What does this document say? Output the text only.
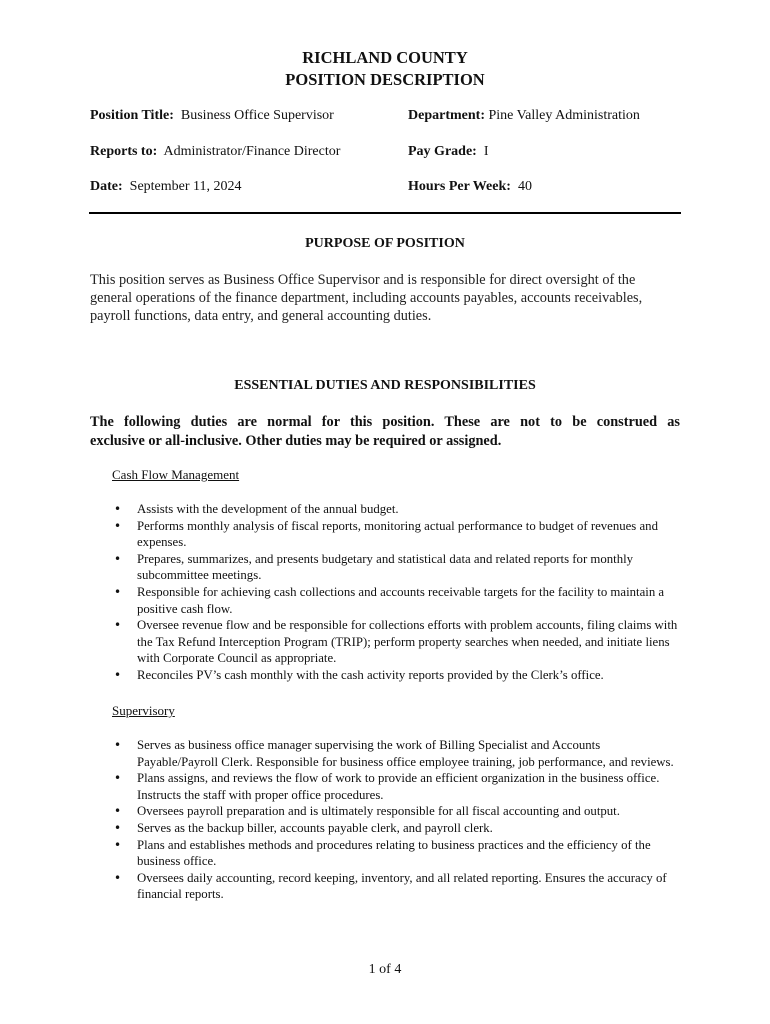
RICHLAND COUNTY
POSITION DESCRIPTION
Position Title: Business Office Supervisor	Department: Pine Valley Administration
Reports to: Administrator/Finance Director	Pay Grade: I
Date: September 11, 2024	Hours Per Week: 40
PURPOSE OF POSITION
This position serves as Business Office Supervisor and is responsible for direct oversight of the general operations of the finance department, including accounts payables, accounts receivables, payroll functions, data entry, and general accounting duties.
ESSENTIAL DUTIES AND RESPONSIBILITIES
The following duties are normal for this position. These are not to be construed as
exclusive or all-inclusive. Other duties may be required or assigned.
Cash Flow Management
• Assists with the development of the annual budget.
• Performs monthly analysis of fiscal reports, monitoring actual performance to budget of revenues and expenses.
• Prepares, summarizes, and presents budgetary and statistical data and related reports for monthly subcommittee meetings.
• Responsible for achieving cash collections and accounts receivable targets for the facility to maintain a positive cash flow.
• Oversee revenue flow and be responsible for collections efforts with problem accounts, filing claims with the Tax Refund Interception Program (TRIP); perform property searches when needed, and initiate liens with Corporate Council as appropriate.
• Reconciles PV’s cash monthly with the cash activity reports provided by the Clerk’s office.
Supervisory
• Serves as business office manager supervising the work of Billing Specialist and Accounts Payable/Payroll Clerk. Responsible for business office employee training, job performance, and reviews.
• Plans assigns, and reviews the flow of work to provide an efficient organization in the business office. Instructs the staff with proper office procedures.
• Oversees payroll preparation and is ultimately responsible for all fiscal accounting and output.
• Serves as the backup biller, accounts payable clerk, and payroll clerk.
• Plans and establishes methods and procedures relating to business practices and the efficiency of the business office.
• Oversees daily accounting, record keeping, inventory, and all related reporting. Ensures the accuracy of financial reports.
1 of 4
